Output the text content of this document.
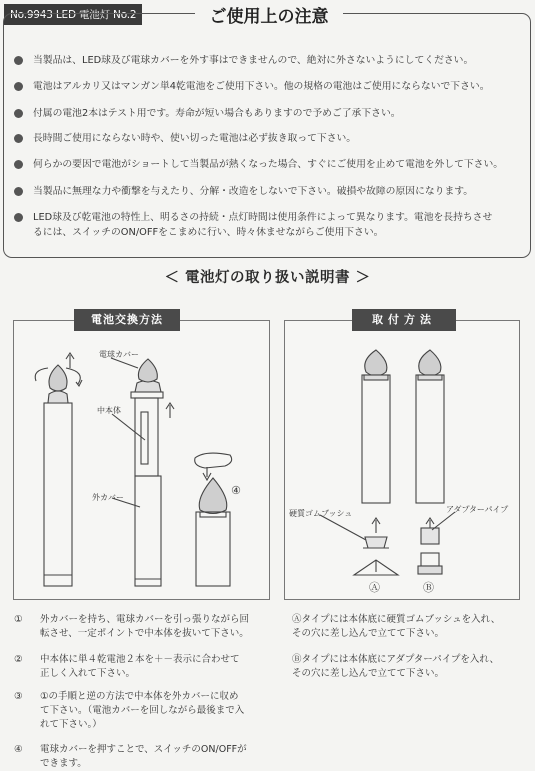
No.9943 LED 電池灯 No.2	ご使用上の注意
当製品は、LED球及び電球カバーを外す事はできませんので、絶対に外さないようにしてください。
電池はアルカリ又はマンガン単4乾電池をご使用下さい。他の規格の電池はご使用にならないで下さい。
付属の電池2本はテスト用です。寿命が短い場合もありますので予めご了承下さい。
長時間ご使用にならない時や、使い切った電池は必ず抜き取って下さい。
何らかの要因で電池がショートして当製品が熱くなった場合、すぐにご使用を止めて電池を外して下さい。
当製品に無理な力や衝撃を与えたり、分解・改造をしないで下さい。破損や故障の原因になります。
LED球及び乾電池の特性上、明るさの持続・点灯時間は使用条件によって異なります。電池を長持ちさせ
るには、スイッチのON/OFFをこまめに行い、時々休ませながらご使用下さい。
＜ 電池灯の取り扱い説明書 ＞
電池交換方法
電球カバー
中本体
外カバー
④
取付方法
硬質ゴムブッシュ	アダプターパイプ
Ⓐ	Ⓑ
① 外カバーを持ち、電球カバーを引っ張りながら回
転させ、一定ポイントで中本体を抜いて下さい。
② 中本体に単４乾電池２本を＋－表示に合わせて
正しく入れて下さい。
③ ①の手順と逆の方法で中本体を外カバーに収め
て下さい。（電池カバーを回しながら最後まで入
れて下さい。）
④ 電球カバーを押すことで、スイッチのON/OFFが
できます。
Ⓐタイプには本体底に硬質ゴムブッシュを入れ、
その穴に差し込んで立てて下さい。
Ⓑタイプには本体底にアダプターパイプを入れ、
その穴に差し込んで立てて下さい。
